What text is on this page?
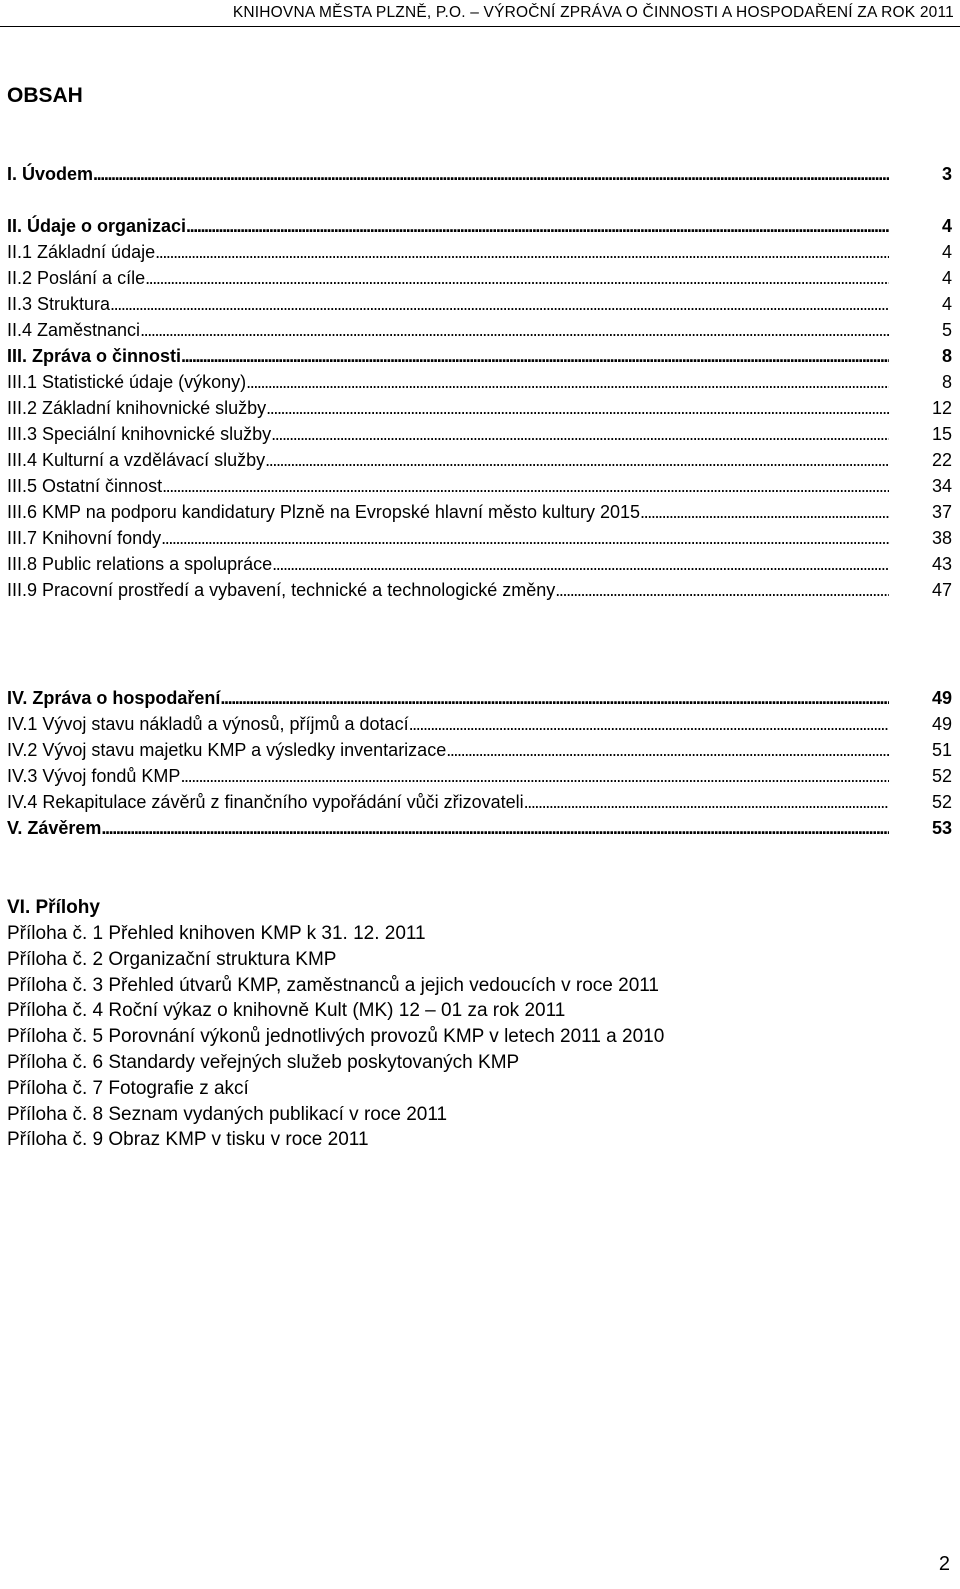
KNIHOVNA MĚSTA PLZNĚ, P.O. – VÝROČNÍ ZPRÁVA O ČINNOSTI A HOSPODAŘENÍ ZA ROK 2011
OBSAH
I. Úvodem . . .	3
II. Údaje o organizaci . . .	4
II.1 Základní údaje . . .	4
II.2 Poslání a cíle . . .	4
II.3 Struktura . . .	4
II.4 Zaměstnanci . . .	5
III. Zpráva o činnosti . . .	8
III.1 Statistické údaje (výkony) . . .	8
III.2 Základní knihovnické služby . . .	12
III.3 Speciální knihovnické služby . . .	15
III.4 Kulturní a vzdělávací služby . . .	22
III.5 Ostatní činnost . . .	34
III.6 KMP na podporu kandidatury Plzně na Evropské hlavní město kultury 2015 . . .	37
III.7 Knihovní fondy . . .	38
III.8 Public relations a spolupráce . . .	43
III.9 Pracovní prostředí a vybavení, technické a technologické změny . . .	47
IV. Zpráva o hospodaření . . .	49
IV.1 Vývoj stavu nákladů a výnosů, příjmů a dotací . . .	49
IV.2 Vývoj stavu majetku KMP a výsledky inventarizace . . .	51
IV.3 Vývoj fondů KMP . . .	52
IV.4 Rekapitulace závěrů z finančního vypořádání vůči zřizovateli . . .	52
V. Závěrem . . .	53

VI. Přílohy

Příloha č. 1 Přehled knihoven KMP k 31. 12. 2011

Příloha č. 2 Organizační struktura KMP

Příloha č. 3 Přehled útvarů KMP, zaměstnanců a jejich vedoucích v roce 2011

Příloha č. 4 Roční výkaz o knihovně Kult (MK) 12 – 01 za rok 2011

Příloha č. 5 Porovnání výkonů jednotlivých provozů KMP v letech 2011 a 2010

Příloha č. 6 Standardy veřejných služeb poskytovaných KMP

Příloha č. 7 Fotografie z akcí

Příloha č. 8 Seznam vydaných publikací v roce 2011

Příloha č. 9 Obraz KMP v tisku v roce 2011

2
